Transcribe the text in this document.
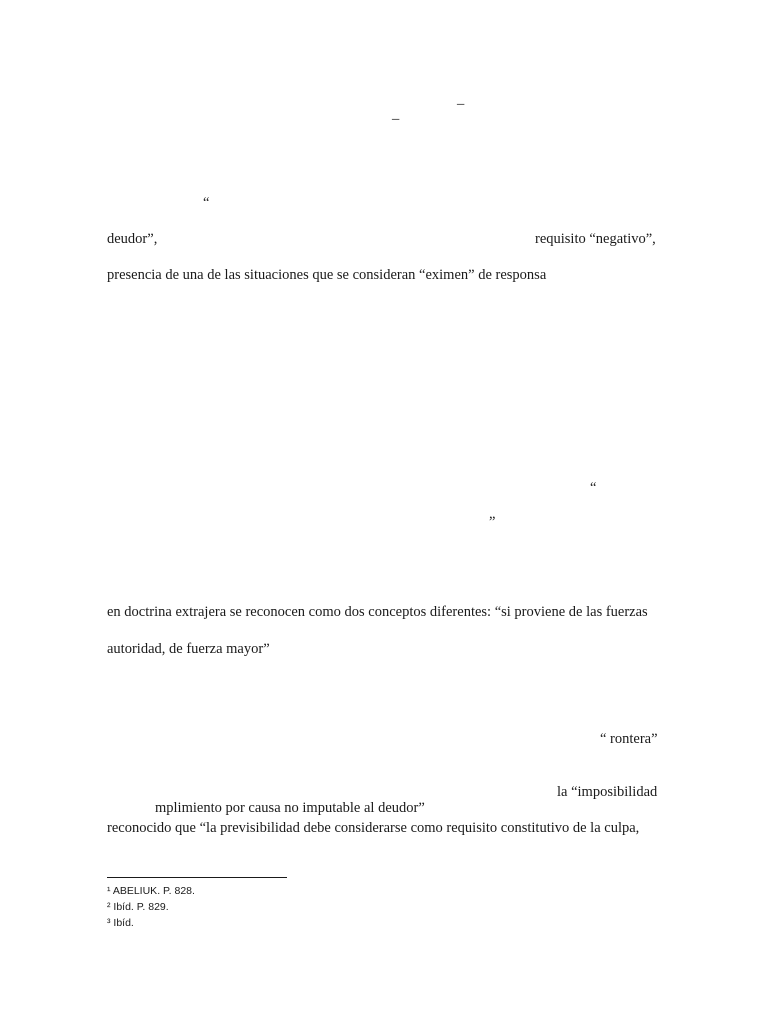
_
_
“
deudor”,	requisito “negativo”,
presencia de una de las situaciones que se consideran “eximen” de responsa
“
”
en doctrina extrajera se reconocen como dos conceptos diferentes: “si proviene de las fuerzas
autoridad, de fuerza mayor”
“ rontera”
la “imposibilidad
mplimiento por causa no imputable al deudor”
reconocido que “la previsibilidad debe considerarse como requisito constitutivo de la culpa,
¹ ABELIUK. P. 828.
² Ibíd. P. 829.
³ Ibíd.
